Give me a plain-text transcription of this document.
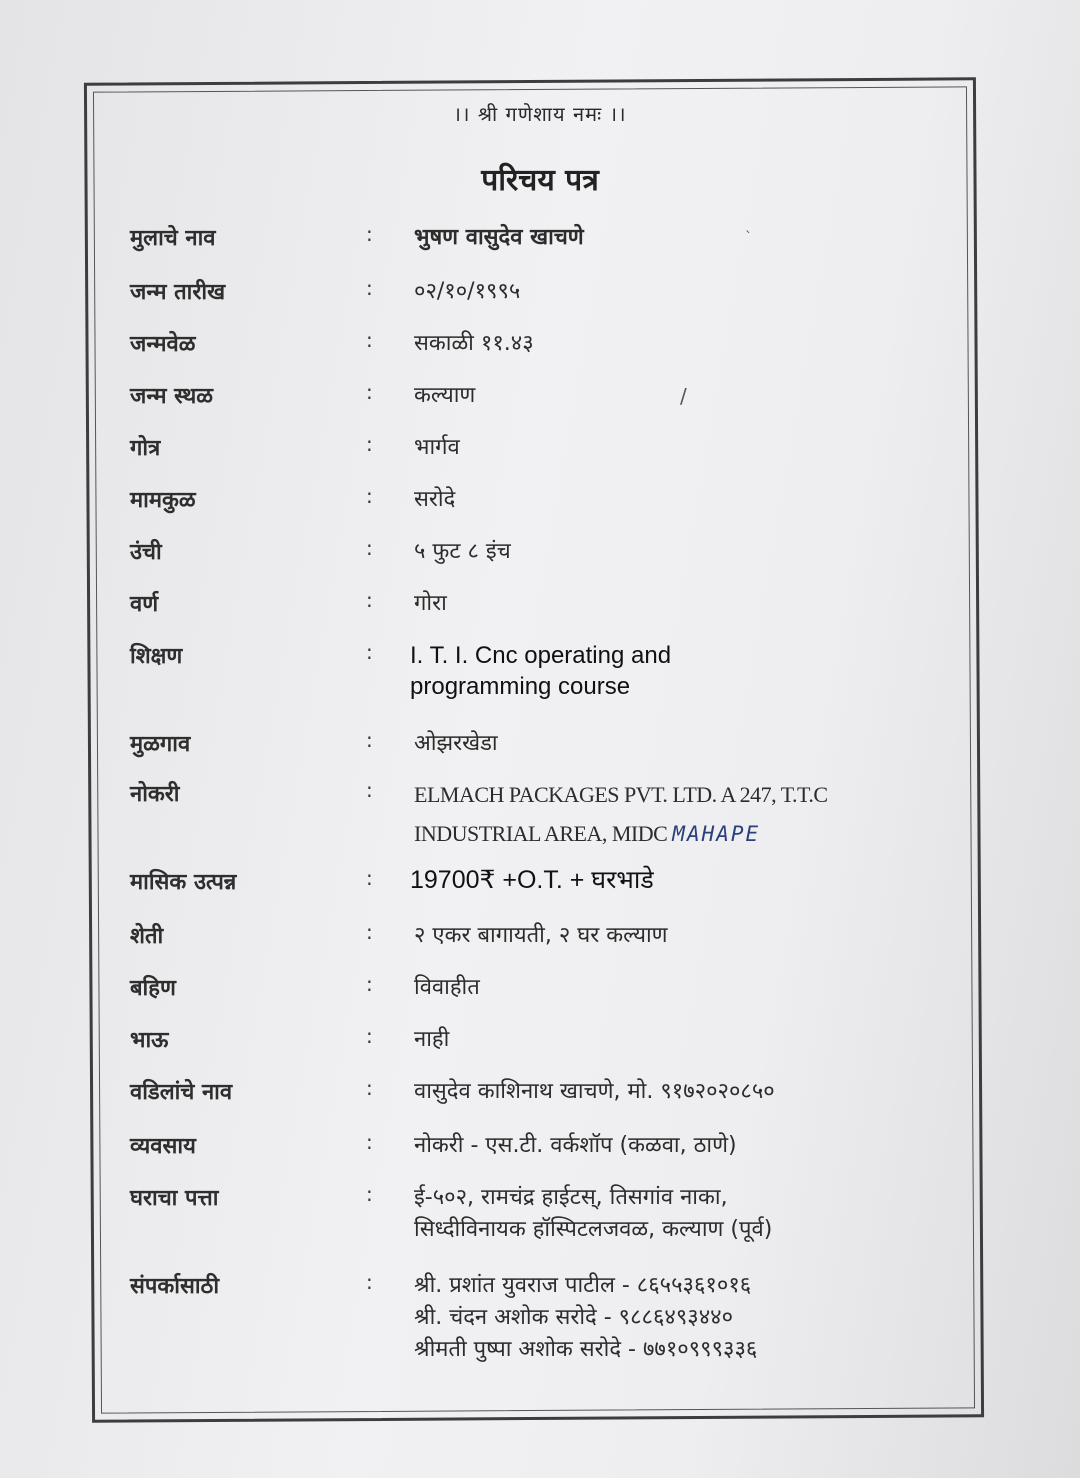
।। श्री गणेशाय नमः ।।
परिचय पत्र
मुलाचे नाव	: भुषण वासुदेव खाचणे
जन्म तारीख	: ०२/१०/१९९५
जन्मवेळ	: सकाळी ११.४३
जन्म स्थळ	: कल्याण
गोत्र	: भार्गव
मामकुळ	: सरोदे
उंची	: ५ फुट ८ इंच
वर्ण	: गोरा
शिक्षण	: I. T. I. Cnc operating and
programming course
मुळगाव	: ओझरखेडा
नोकरी	: ELMACH PACKAGES PVT. LTD. A 247, T.T.C
INDUSTRIAL AREA, MIDC MAHAPE
मासिक उत्पन्न	: 19700₹ +O.T. + घरभाडे
शेती	: २ एकर बागायती, २ घर कल्याण
बहिण	: विवाहीत
भाऊ	: नाही
वडिलांचे नाव	: वासुदेव काशिनाथ खाचणे, मो. ९१७२०२०८५०
व्यवसाय	: नोकरी - एस.टी. वर्कशॉप (कळवा, ठाणे)
घराचा पत्ता	: ई-५०२, रामचंद्र हाईटस्, तिसगांव नाका,
सिध्दीविनायक हॉस्पिटलजवळ, कल्याण (पूर्व)
संपर्कासाठी	: श्री. प्रशांत युवराज पाटील - ८६५५३६१०१६
श्री. चंदन अशोक सरोदे - ९८८६४९३४४०
श्रीमती पुष्पा अशोक सरोदे - ७७१०९९९३३६
ˋ
/
